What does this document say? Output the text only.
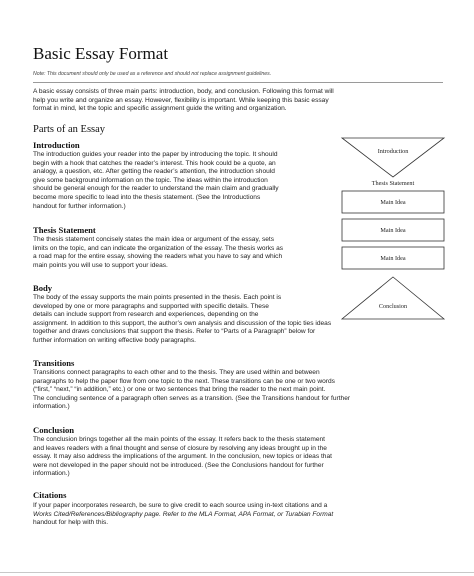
Basic Essay Format
Note: This document should only be used as a reference and should not replace assignment guidelines.
A basic essay consists of three main parts: introduction, body, and conclusion. Following this format will
help you write and organize an essay. However, flexibility is important. While keeping this basic essay
format in mind, let the topic and specific assignment guide the writing and organization.
Parts of an Essay
Introduction
The introduction guides your reader into the paper by introducing the topic. It should
begin with a hook that catches the reader’s interest. This hook could be a quote, an
analogy, a question, etc. After getting the reader’s attention, the introduction should
give some background information on the topic. The ideas within the introduction
should be general enough for the reader to understand the main claim and gradually
become more specific to lead into the thesis statement. (See the Introductions
handout for further information.)
Thesis Statement
The thesis statement concisely states the main idea or argument of the essay, sets
limits on the topic, and can indicate the organization of the essay. The thesis works as
a road map for the entire essay, showing the readers what you have to say and which
main points you will use to support your ideas.
Body
The body of the essay supports the main points presented in the thesis. Each point is
developed by one or more paragraphs and supported with specific details. These
details can include support from research and experiences, depending on the
assignment. In addition to this support, the author’s own analysis and discussion of the topic ties ideas
together and draws conclusions that support the thesis. Refer to “Parts of a Paragraph” below for
further information on writing effective body paragraphs.
Transitions
Transitions connect paragraphs to each other and to the thesis. They are used within and between
paragraphs to help the paper flow from one topic to the next. These transitions can be one or two words
(“first,” “next,” “in addition,” etc.) or one or two sentences that bring the reader to the next main point.
The concluding sentence of a paragraph often serves as a transition. (See the Transitions handout for further
information.)
Conclusion
The conclusion brings together all the main points of the essay. It refers back to the thesis statement
and leaves readers with a final thought and sense of closure by resolving any ideas brought up in the
essay. It may also address the implications of the argument. In the conclusion, new topics or ideas that
were not developed in the paper should not be introduced. (See the Conclusions handout for further
information.)
Citations
If your paper incorporates research, be sure to give credit to each source using in-text citations and a
Works Cited/References/Bibliography page. Refer to the MLA Format, APA Format, or Turabian Format
handout for help with this.
Introduction
Thesis Statement
Main Idea
Main Idea
Main Idea
Conclusion
